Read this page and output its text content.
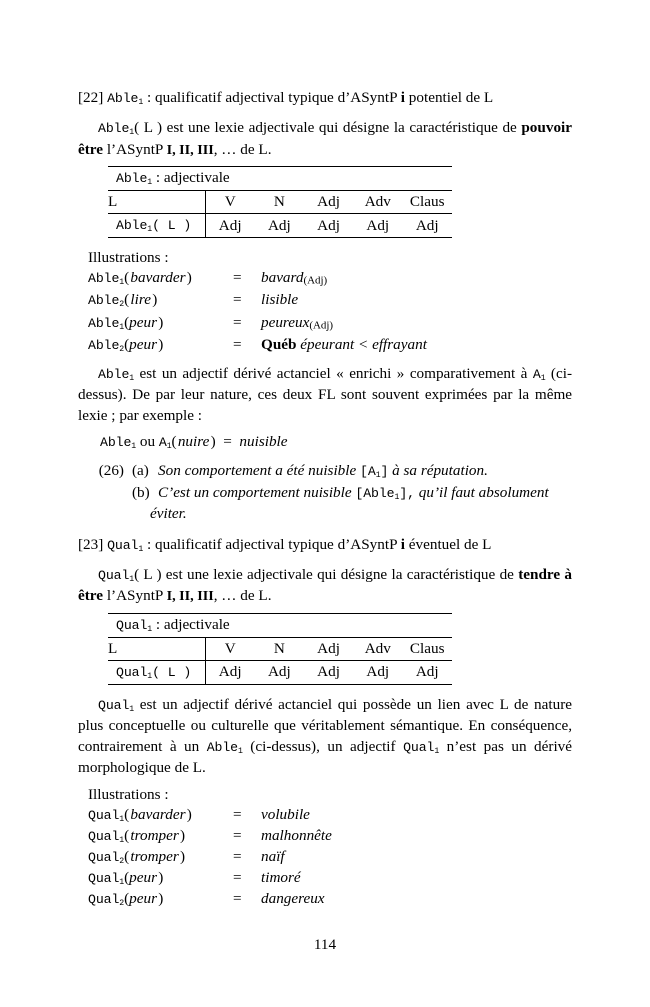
[22] Able$_1$ : qualificatif adjectival typique d’ASyntP i potentiel de L

Able$_1$( L ) est une lexie adjectivale qui désigne la caractéristique de pouvoir être l’ASyntP I, II, III, … de L.

Able$_1$ : adjectivale					
L	V	N	Adj	Adv	Claus
Able$_1$( L )	Adj	Adj	Adj	Adj	Adj
Illustrations :
Able$_1$( bavarder )	=	bavard(Adj)
Able$_2$( lire )	=	lisible
Able$_1$(peur )	=	peureux(Adj)
Able$_2$(peur )	=	Québ épeurant < effrayant

Able$_1$ est un adjectif dérivé actanciel « enrichi » comparativement à $A_1$ (ci-dessus). De par leur nature, ces deux FL sont souvent exprimées par la même lexie ; par exemple :

Able$_1$ ou $A_1$( nuire ) = nuisible
(26) (a) Son comportement a été nuisible $[A_1]$ à sa réputation.
(b) C’est un comportement nuisible [Able$_1$], qu’il faut absolument
éviter.

[23] Qual$_1$ : qualificatif adjectival typique d’ASyntP i éventuel de L

Qual$_1$( L ) est une lexie adjectivale qui désigne la caractéristique de tendre à être l’ASyntP I, II, III, … de L.

Qual$_1$ : adjectivale					
L	V	N	Adj	Adv	Claus
Qual$_1$( L )	Adj	Adj	Adj	Adj	Adj

Qual$_1$ est un adjectif dérivé actanciel qui possède un lien avec L de nature plus conceptuelle ou culturelle que véritablement sémantique. En conséquence, contrairement à un Able$_1$ (ci-dessus), un adjectif Qual$_1$ n’est pas un dérivé morphologique de L.

Illustrations :
Qual$_1$( bavarder )	=	volubile
Qual$_1$( tromper )	=	malhonnête
Qual$_2$( tromper )	=	naïf
Qual$_1$(peur )	=	timoré
Qual$_2$(peur )	=	dangereux
114
